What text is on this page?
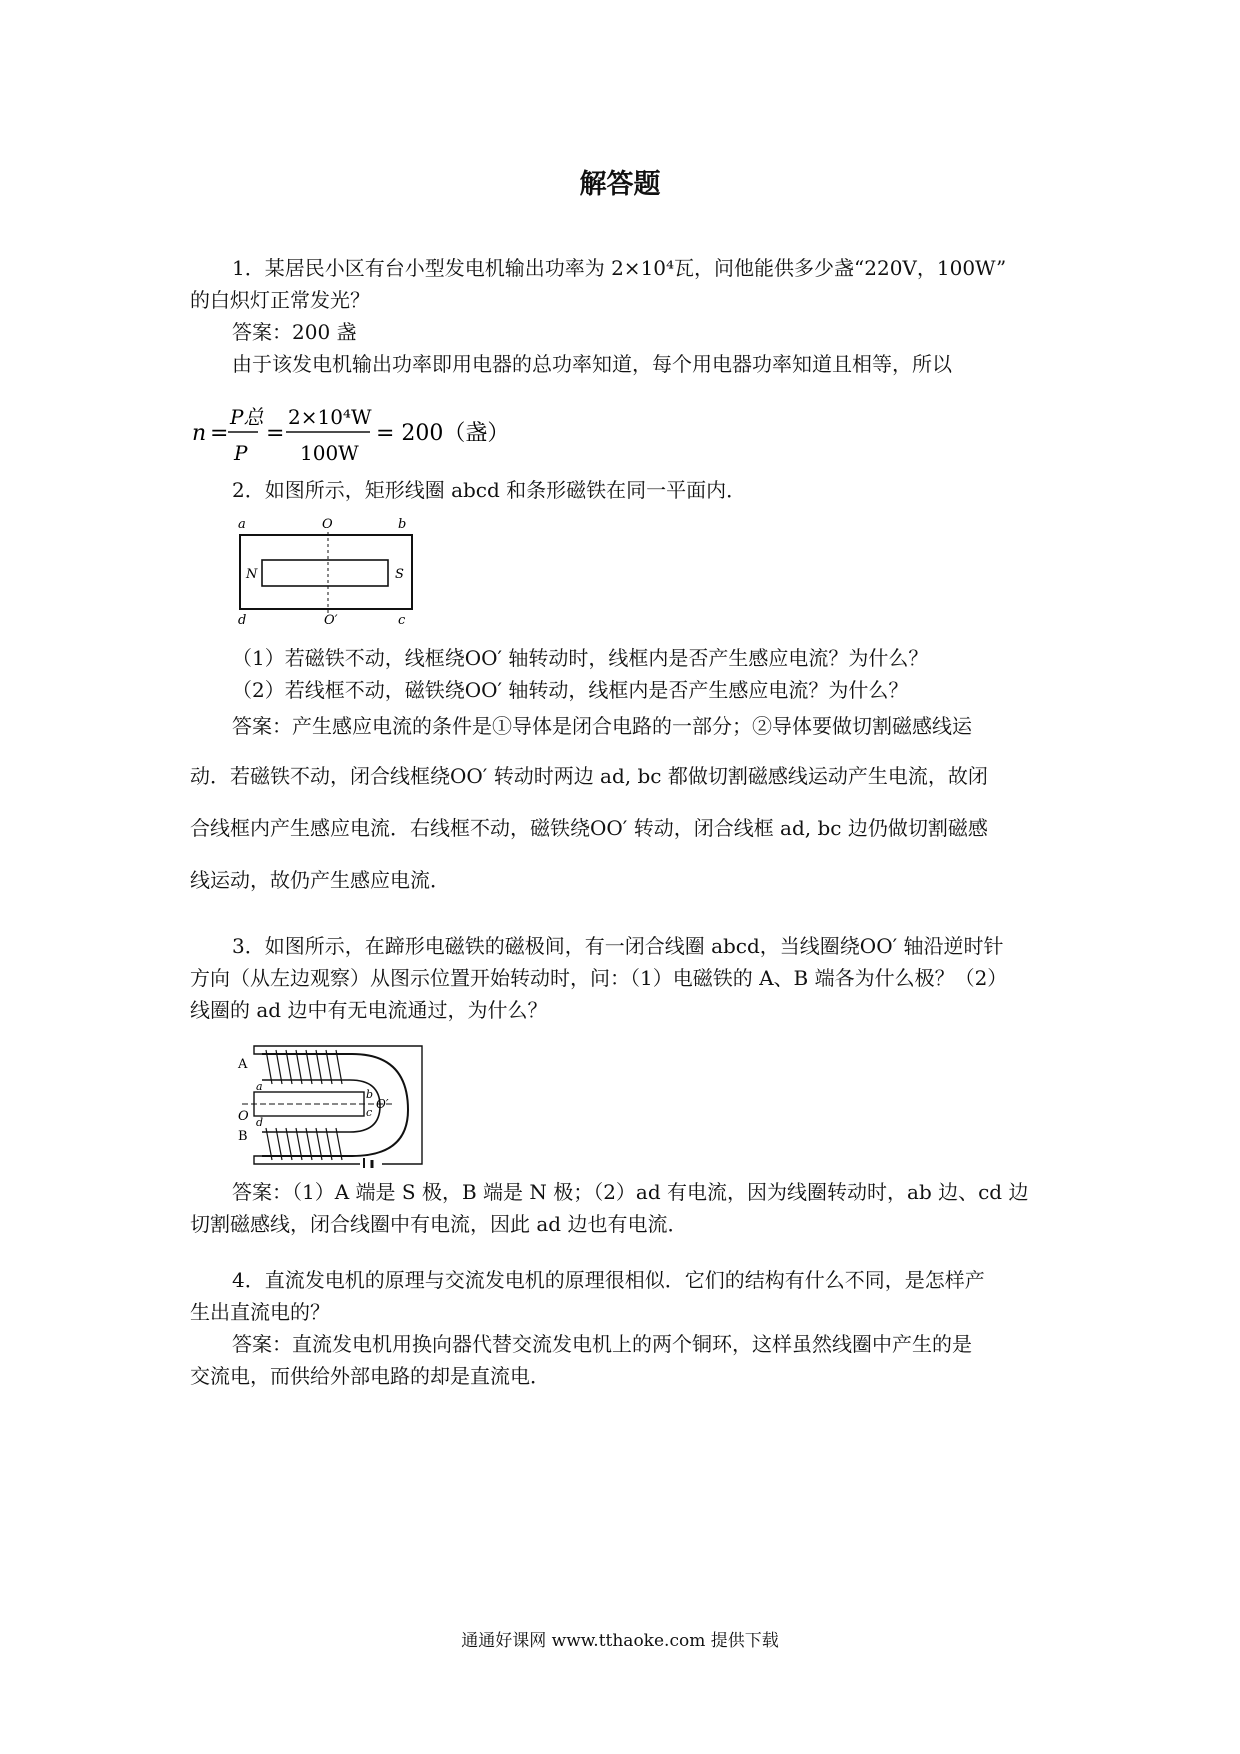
解答题
1．某居民小区有台小型发电机输出功率为 2×10⁴瓦，问他能供多少盏“220V，100W”
的白炽灯正常发光？
答案：200 盏
由于该发电机输出功率即用电器的总功率知道，每个用电器功率知道且相等，所以
n =
P总
P
=
2×10⁴W
100W
= 200（盏）
2．如图所示，矩形线圈 abcd 和条形磁铁在同一平面内．
a	O	b
N	S
d	O′	c
（1）若磁铁不动，线框绕OO′ 轴转动时，线框内是否产生感应电流？为什么？
（2）若线框不动，磁铁绕OO′ 轴转动，线框内是否产生感应电流？为什么？
答案：产生感应电流的条件是①导体是闭合电路的一部分；②导体要做切割磁感线运
动．若磁铁不动，闭合线框绕OO′ 转动时两边 ad, bc 都做切割磁感线运动产生电流，故闭
合线框内产生感应电流．右线框不动，磁铁绕OO′ 转动，闭合线框 ad, bc 边仍做切割磁感
线运动，故仍产生感应电流．
3．如图所示，在蹄形电磁铁的磁极间，有一闭合线圈 abcd，当线圈绕OO′ 轴沿逆时针
方向（从左边观察）从图示位置开始转动时，问：（1）电磁铁的 A、B 端各为什么极？（2）
线圈的 ad 边中有无电流通过，为什么？
A
O
B
a
d
b
c
O′
答案：（1）A 端是 S 极，B 端是 N 极；（2）ad 有电流，因为线圈转动时，ab 边、cd 边
切割磁感线，闭合线圈中有电流，因此 ad 边也有电流．
4．直流发电机的原理与交流发电机的原理很相似．它们的结构有什么不同，是怎样产
生出直流电的？
答案：直流发电机用换向器代替交流发电机上的两个铜环，这样虽然线圈中产生的是
交流电，而供给外部电路的却是直流电．
通通好课网 www.tthaoke.com 提供下载
